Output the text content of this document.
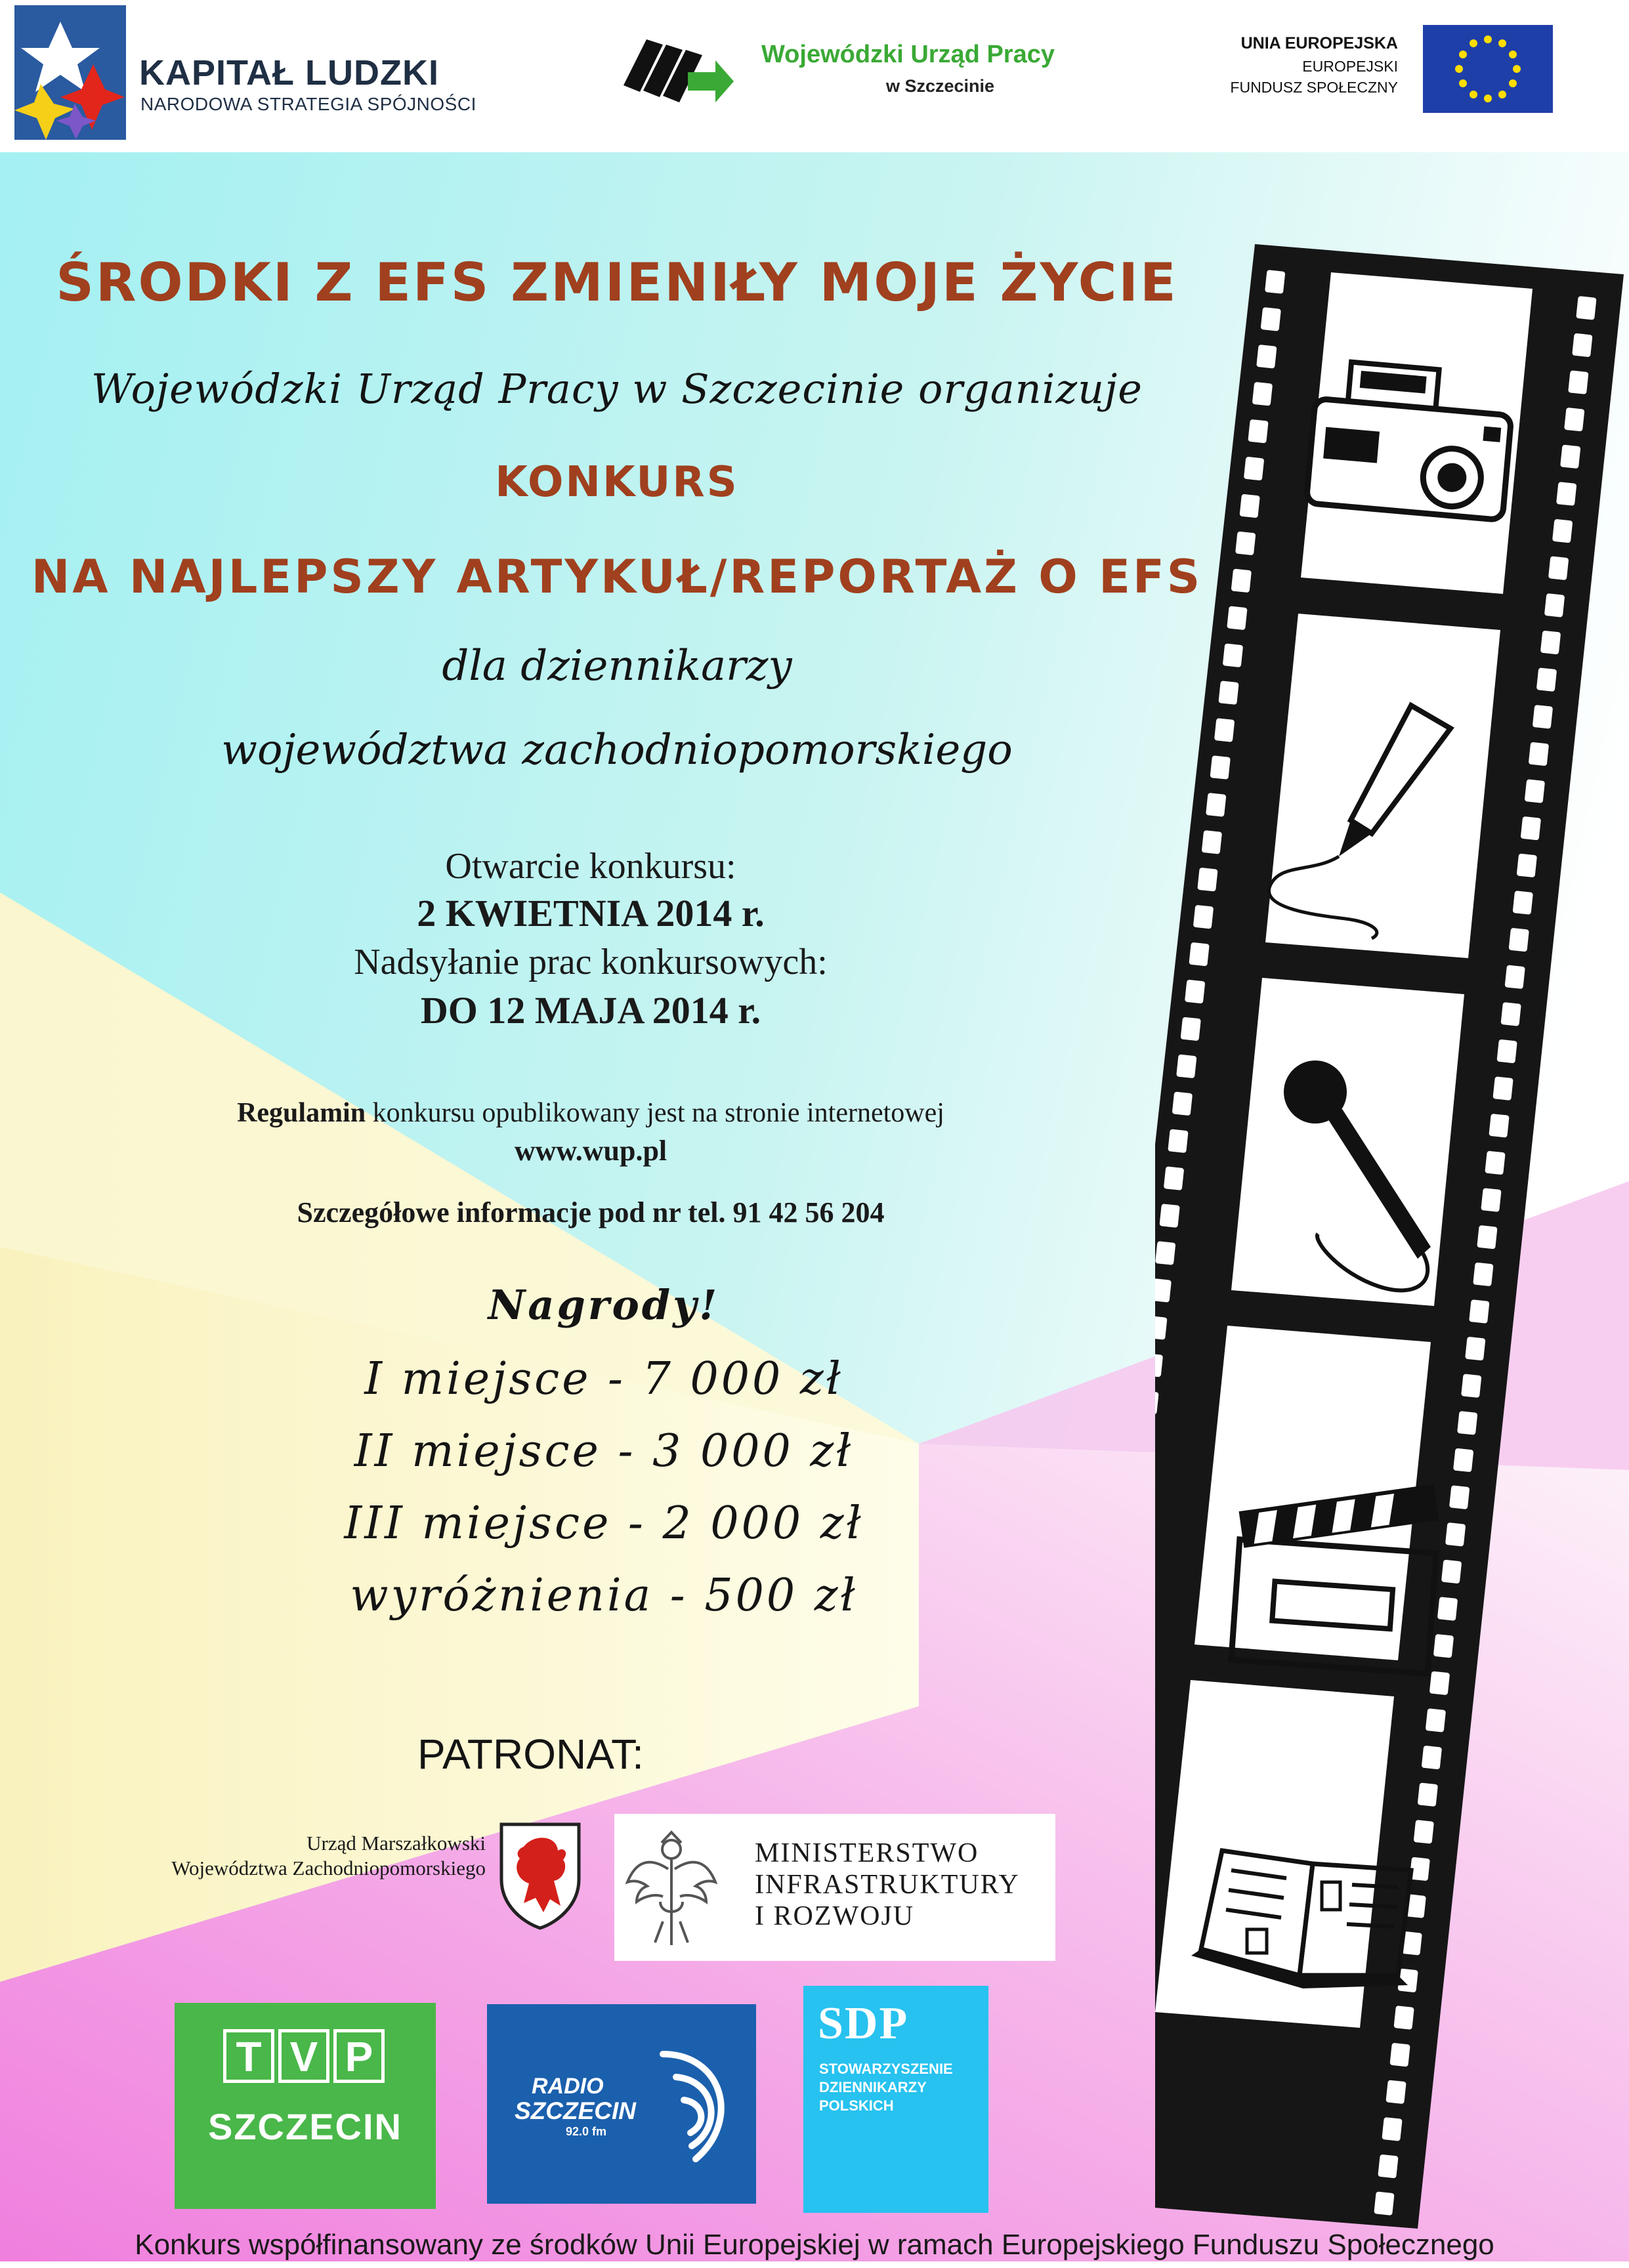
KAPITAŁ LUDZKI
NARODOWA STRATEGIA SPÓJNOŚCI
Wojewódzki Urząd Pracy
w Szczecinie
UNIA EUROPEJSKA
EUROPEJSKI
FUNDUSZ SPOŁECZNY
ŚRODKI Z EFS ZMIENIŁY MOJE ŻYCIE
Wojewódzki Urząd Pracy w Szczecinie organizuje
KONKURS
NA NAJLEPSZY ARTYKUŁ/REPORTAŻ O EFS
dla dziennikarzy
województwa zachodniopomorskiego
Otwarcie konkursu:
2 KWIETNIA 2014 r.
Nadsyłanie prac konkursowych:
DO 12 MAJA 2014 r.
Regulamin konkursu opublikowany jest na stronie internetowej
www.wup.pl
Szczegółowe informacje pod nr tel. 91 42 56 204
Nagrody!
I miejsce - 7 000 zł
II miejsce - 3 000 zł
III miejsce - 2 000 zł
wyróżnienia - 500 zł
PATRONAT:
Urząd Marszałkowski
Województwa Zachodniopomorskiego	MINISTERSTWO
INFRASTRUKTURY
I ROZWOJU
T V P
SZCZECIN
RADIO
SZCZECIN
92.0 fm
SDP
STOWARZYSZENIE
DZIENNIKARZY
POLSKICH
Konkurs współfinansowany ze środków Unii Europejskiej w ramach Europejskiego Funduszu Społecznego
